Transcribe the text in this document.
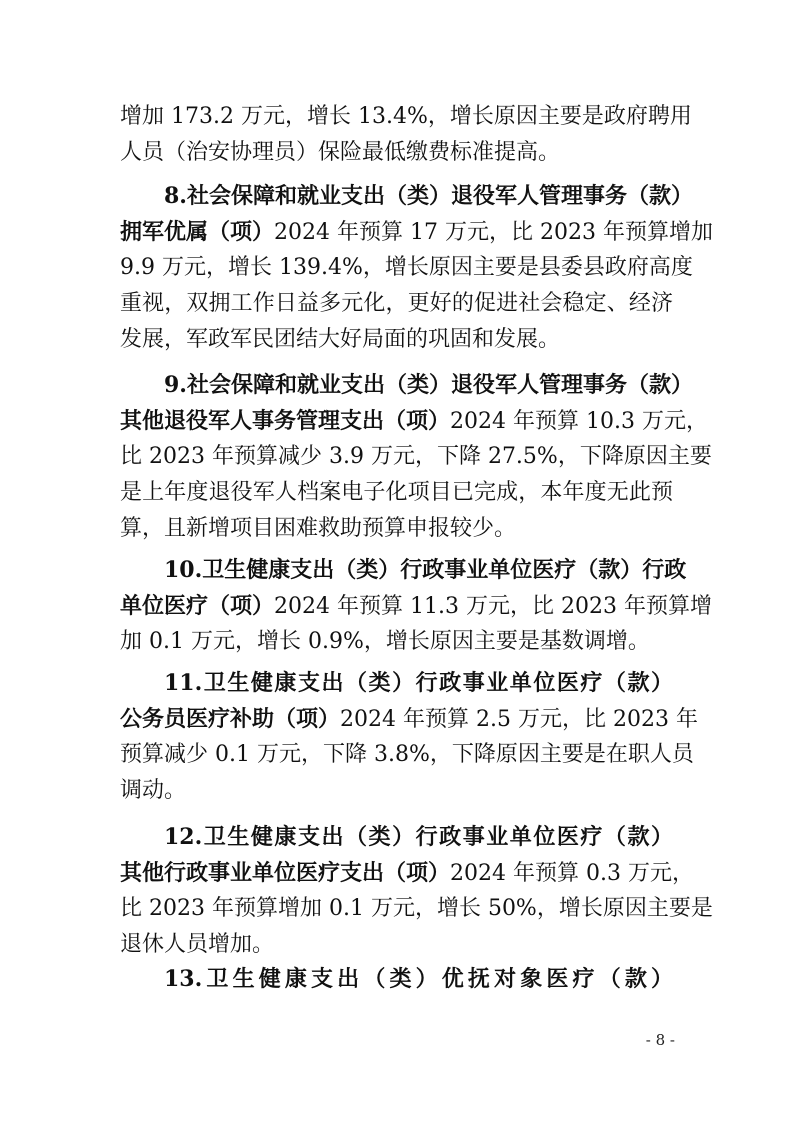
增加 173.2 万元，增长 13.4%，增长原因主要是政府聘用
人员（治安协理员）保险最低缴费标准提高。
8.社会保障和就业支出（类）退役军人管理事务（款）
拥军优属（项）2024 年预算 17 万元，比 2023 年预算增加
9.9 万元，增长 139.4%，增长原因主要是县委县政府高度
重视，双拥工作日益多元化，更好的促进社会稳定、经济
发展，军政军民团结大好局面的巩固和发展。
9.社会保障和就业支出（类）退役军人管理事务（款）
其他退役军人事务管理支出（项）2024 年预算 10.3 万元，
比 2023 年预算减少 3.9 万元，下降 27.5%，下降原因主要
是上年度退役军人档案电子化项目已完成，本年度无此预
算，且新增项目困难救助预算申报较少。
10.卫生健康支出（类）行政事业单位医疗（款）行政
单位医疗（项）2024 年预算 11.3 万元，比 2023 年预算增
加 0.1 万元，增长 0.9%，增长原因主要是基数调增。
11.卫生健康支出（类）行政事业单位医疗（款）
公务员医疗补助（项）2024 年预算 2.5 万元，比 2023 年
预算减少 0.1 万元，下降 3.8%，下降原因主要是在职人员
调动。
12.卫生健康支出（类）行政事业单位医疗（款）
其他行政事业单位医疗支出（项）2024 年预算 0.3 万元，
比 2023 年预算增加 0.1 万元，增长 50%，增长原因主要是
退休人员增加。
13.卫生健康支出（类）优抚对象医疗（款）
- 8 -
